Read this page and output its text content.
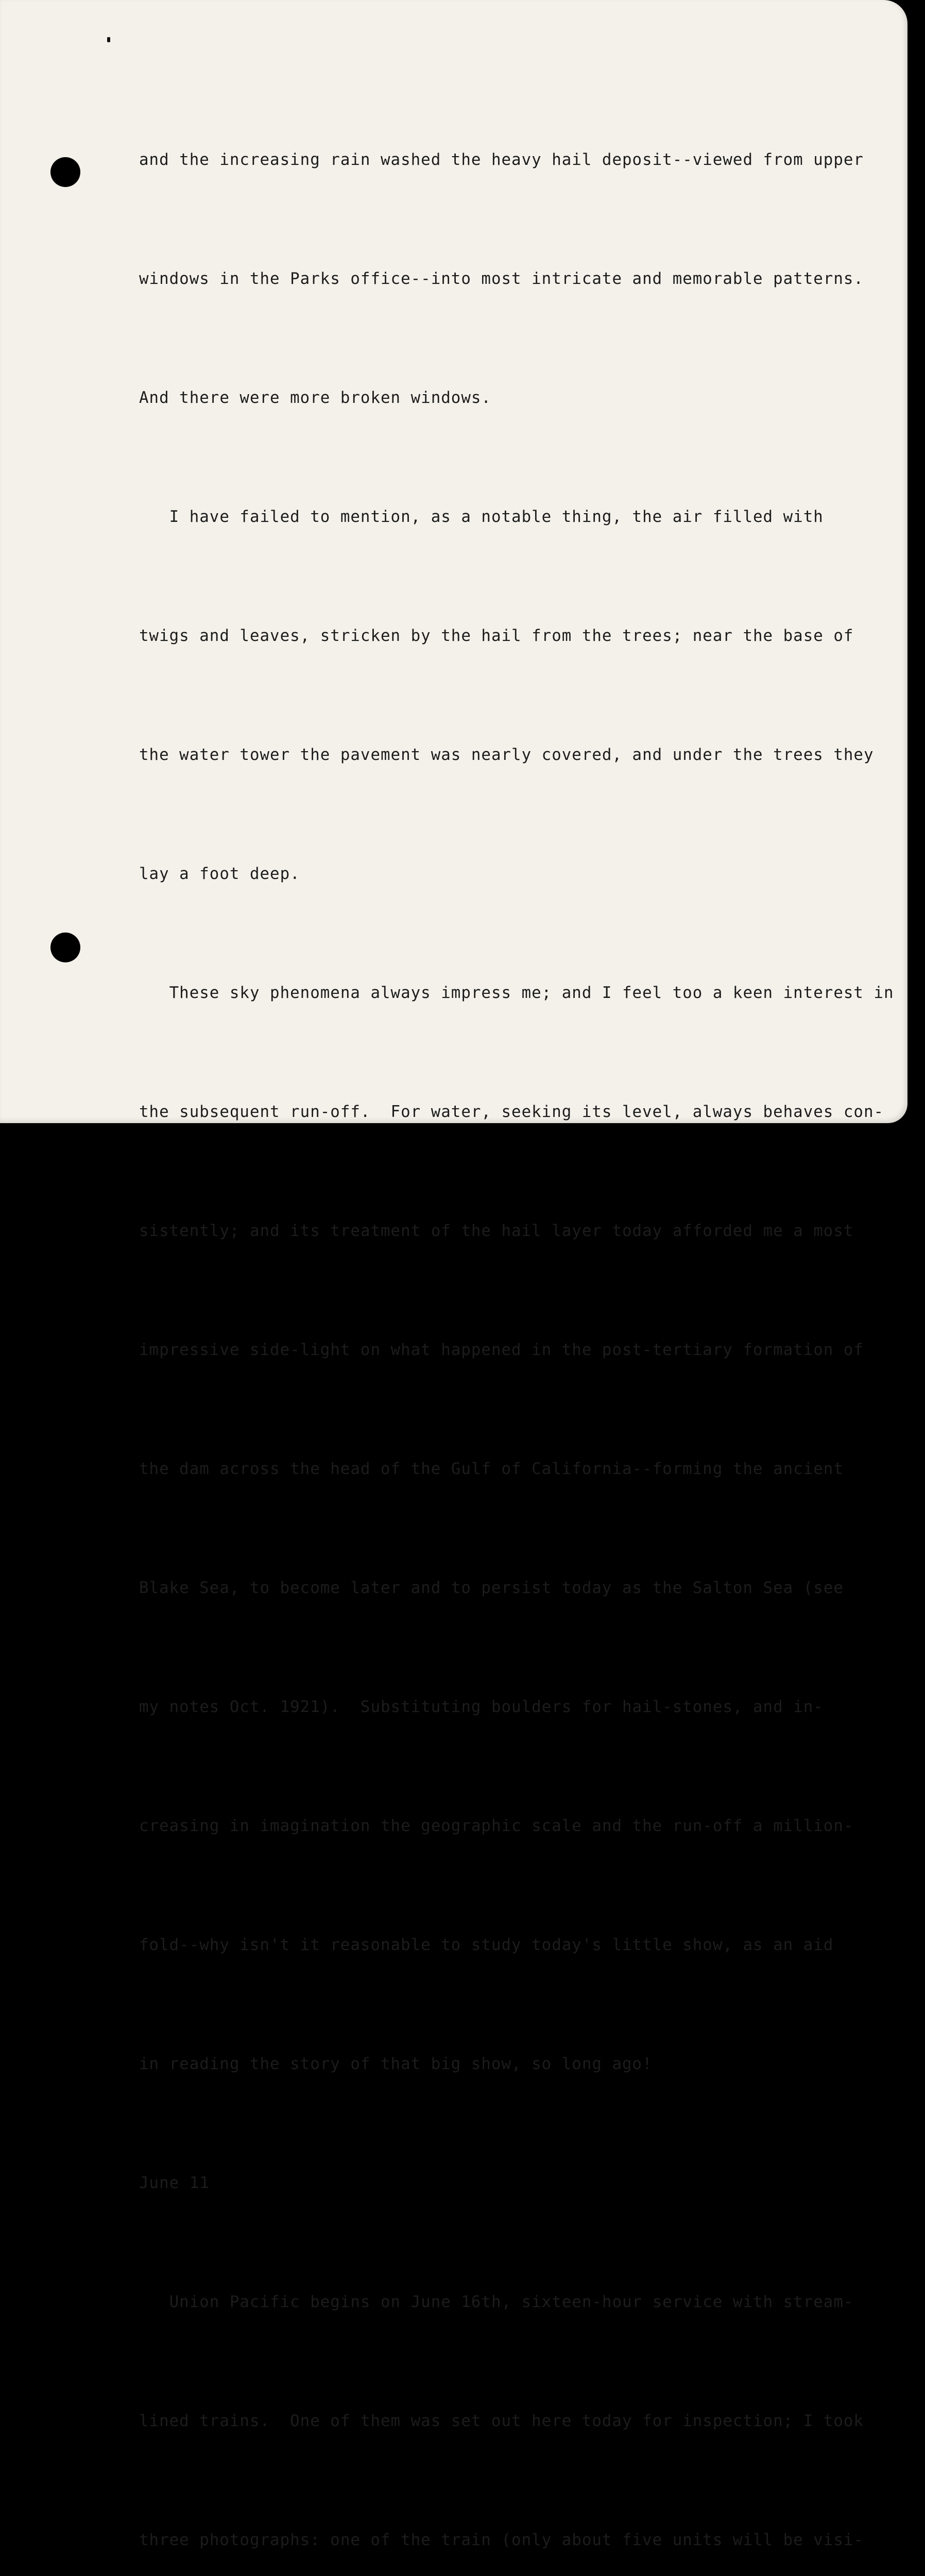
and the increasing rain washed the heavy hail deposit--viewed from upper

windows in the Parks office--into most intricate and memorable patterns.

And there were more broken windows.

I have failed to mention, as a notable thing, the air filled with

twigs and leaves, stricken by the hail from the trees; near the base of

the water tower the pavement was nearly covered, and under the trees they

lay a foot deep.

These sky phenomena always impress me; and I feel too a keen interest in

the subsequent run-off.  For water, seeking its level, always behaves con-

sistently; and its treatment of the hail layer today afforded me a most

impressive side-light on what happened in the post-tertiary formation of

the dam across the head of the Gulf of California--forming the ancient

Blake Sea, to become later and to persist today as the Salton Sea (see

my notes Oct. 1921).  Substituting boulders for hail-stones, and in-

creasing in imagination the geographic scale and the run-off a million-

fold--why isn't it reasonable to study today's little show, as an aid

in reading the story of that big show, so long ago!

June 11

Union Pacific begins on June 16th, sixteen-hour service with stream-

lined trains.  One of them was set out here today for inspection; I took

three photographs: one of the train (only about five units will be visi-
